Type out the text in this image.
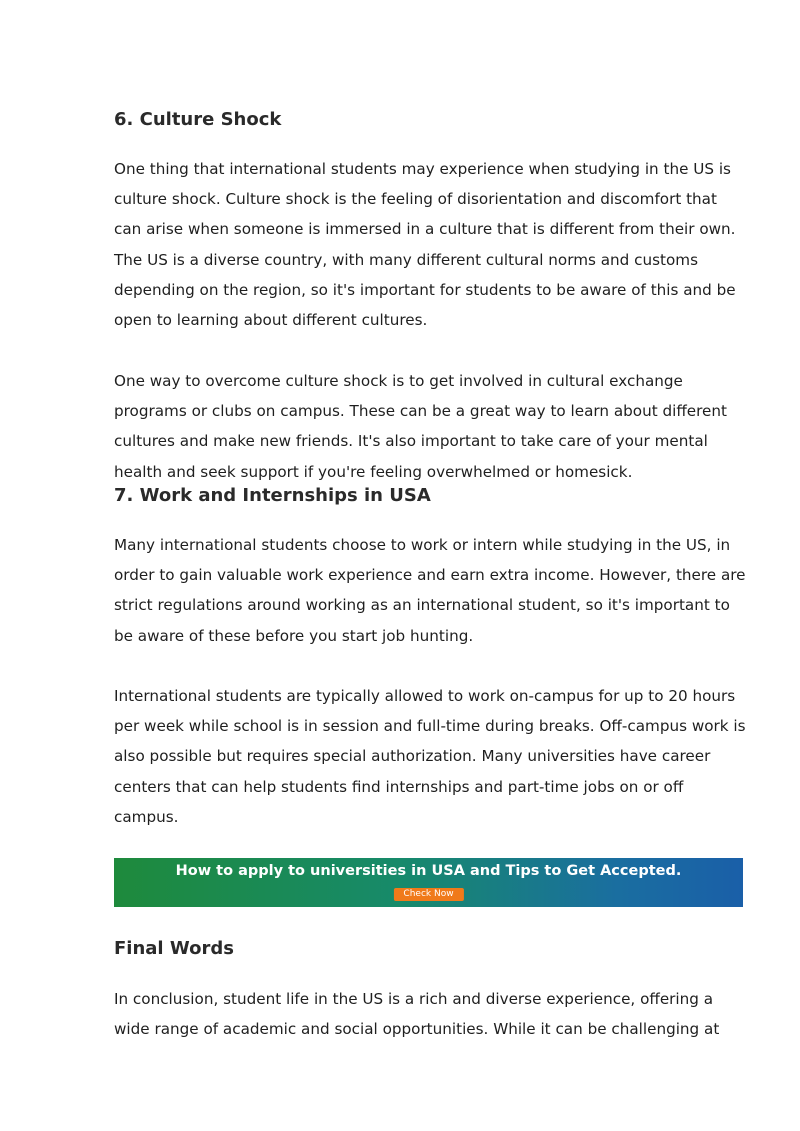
6. Culture Shock

One thing that international students may experience when studying in the US is culture shock. Culture shock is the feeling of disorientation and discomfort that can arise when someone is immersed in a culture that is different from their own. The US is a diverse country, with many different cultural norms and customs depending on the region, so it's important for students to be aware of this and be open to learning about different cultures.

One way to overcome culture shock is to get involved in cultural exchange programs or clubs on campus. These can be a great way to learn about different cultures and make new friends. It's also important to take care of your mental health and seek support if you're feeling overwhelmed or homesick.

7. Work and Internships in USA

Many international students choose to work or intern while studying in the US, in order to gain valuable work experience and earn extra income. However, there are strict regulations around working as an international student, so it's important to be aware of these before you start job hunting.

International students are typically allowed to work on-campus for up to 20 hours per week while school is in session and full-time during breaks. Off-campus work is also possible but requires special authorization. Many universities have career centers that can help students find internships and part-time jobs on or off campus.

How to apply to universities in USA and Tips to Get Accepted.
Check Now
Final Words

In conclusion, student life in the US is a rich and diverse experience, offering a wide range of academic and social opportunities. While it can be challenging at
